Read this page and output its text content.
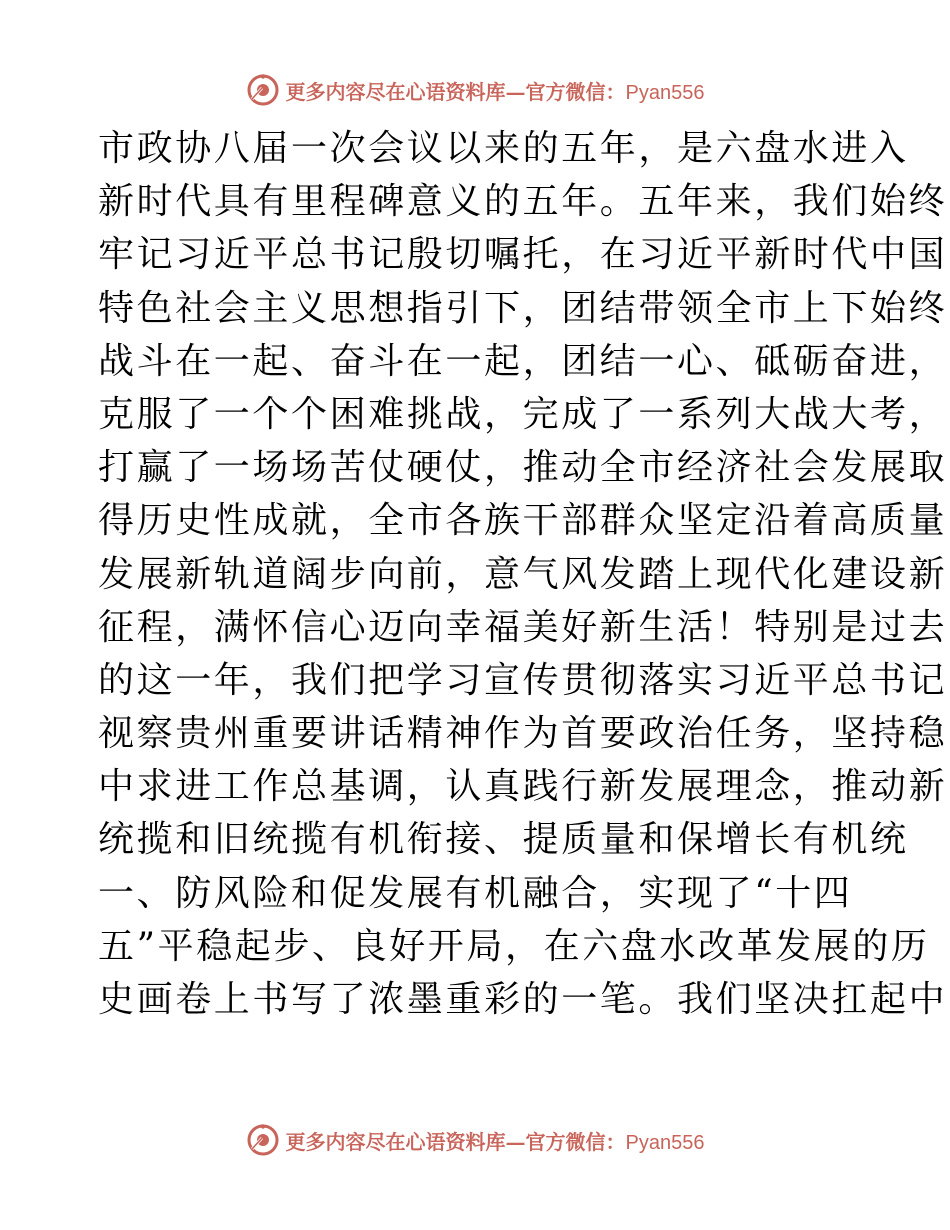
更多内容尽在心语资料库—官方微信：Pyan556
市政协八届一次会议以来的五年，是六盘水进入
新时代具有里程碑意义的五年。五年来，我们始终
牢记习近平总书记殷切嘱托，在习近平新时代中国
特色社会主义思想指引下，团结带领全市上下始终
战斗在一起、奋斗在一起，团结一心、砥砺奋进，
克服了一个个困难挑战，完成了一系列大战大考，
打赢了一场场苦仗硬仗，推动全市经济社会发展取
得历史性成就，全市各族干部群众坚定沿着高质量
发展新轨道阔步向前，意气风发踏上现代化建设新
征程，满怀信心迈向幸福美好新生活！特别是过去
的这一年，我们把学习宣传贯彻落实习近平总书记
视察贵州重要讲话精神作为首要政治任务，坚持稳
中求进工作总基调，认真践行新发展理念，推动新
统揽和旧统揽有机衔接、提质量和保增长有机统
一、防风险和促发展有机融合，实现了“十四
五”平稳起步、良好开局，在六盘水改革发展的历
史画卷上书写了浓墨重彩的一笔。我们坚决扛起中
更多内容尽在心语资料库—官方微信：Pyan556
